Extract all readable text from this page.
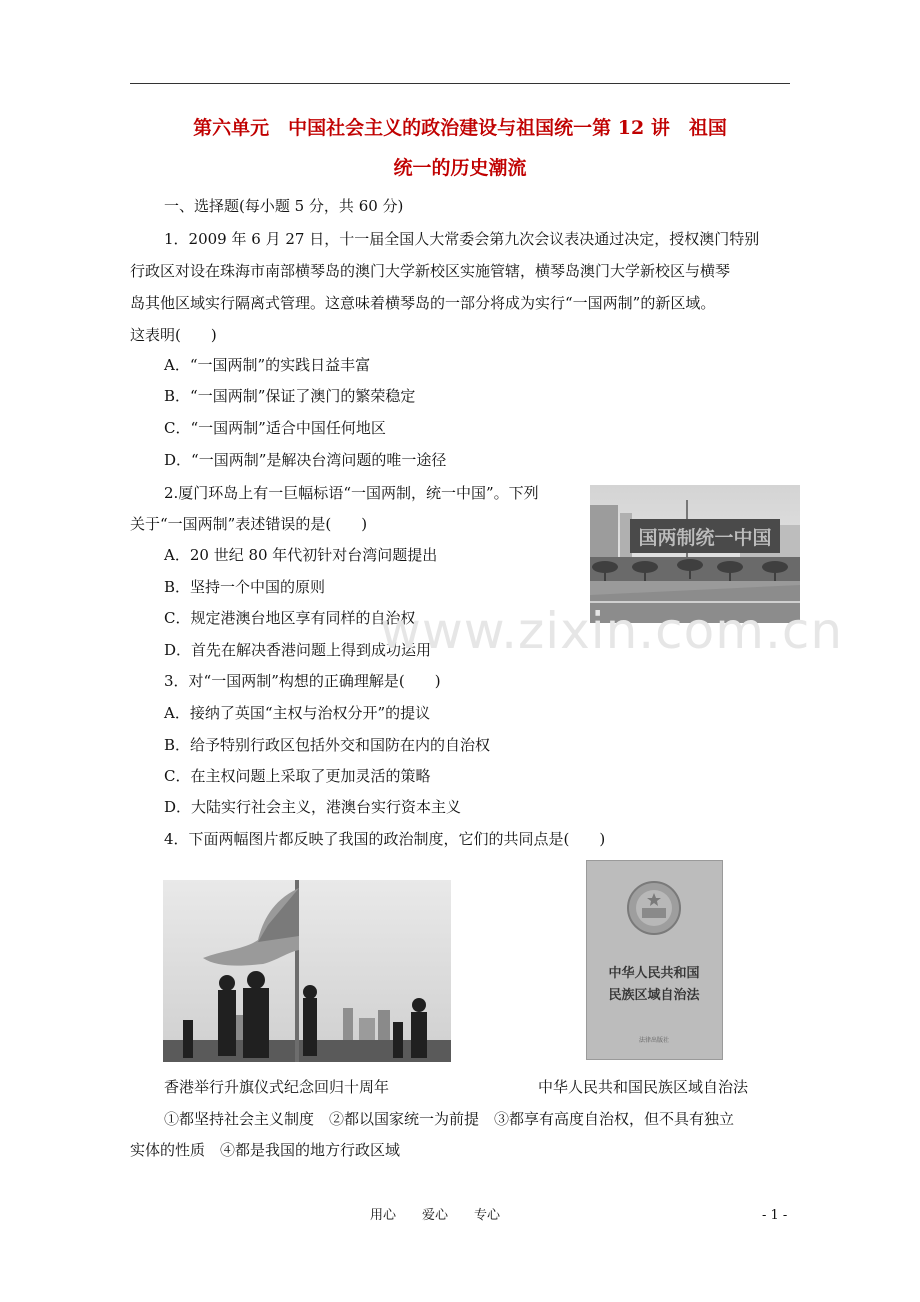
第六单元　中国社会主义的政治建设与祖国统一第 12 讲　祖国
统一的历史潮流
一、选择题(每小题 5 分，共 60 分)
1．2009 年 6 月 27 日，十一届全国人大常委会第九次会议表决通过决定，授权澳门特别
行政区对设在珠海市南部横琴岛的澳门大学新校区实施管辖，横琴岛澳门大学新校区与横琴
岛其他区域实行隔离式管理。这意味着横琴岛的一部分将成为实行“一国两制”的新区域。
这表明(　　)
A．“一国两制”的实践日益丰富
B．“一国两制”保证了澳门的繁荣稳定
C．“一国两制”适合中国任何地区
D．“一国两制”是解决台湾问题的唯一途径
2.厦门环岛上有一巨幅标语“一国两制，统一中国”。下列
关于“一国两制”表述错误的是(　　)
A．20 世纪 80 年代初针对台湾问题提出
B．坚持一个中国的原则
C．规定港澳台地区享有同样的自治权
D．首先在解决香港问题上得到成功运用
国两制统一中国
www.zixin.com.cn
3．对“一国两制”构想的正确理解是(　　)
A．接纳了英国“主权与治权分开”的提议
B．给予特别行政区包括外交和国防在内的自治权
C．在主权问题上采取了更加灵活的策略
D．大陆实行社会主义，港澳台实行资本主义
4．下面两幅图片都反映了我国的政治制度，它们的共同点是(　　)
中华人民共和国
民族区域自治法
法律出版社
香港举行升旗仪式纪念回归十周年	中华人民共和国民族区域自治法
①都坚持社会主义制度　②都以国家统一为前提　③都享有高度自治权，但不具有独立
实体的性质　④都是我国的地方行政区域
用心　　爱心　　专心	- 1 -
